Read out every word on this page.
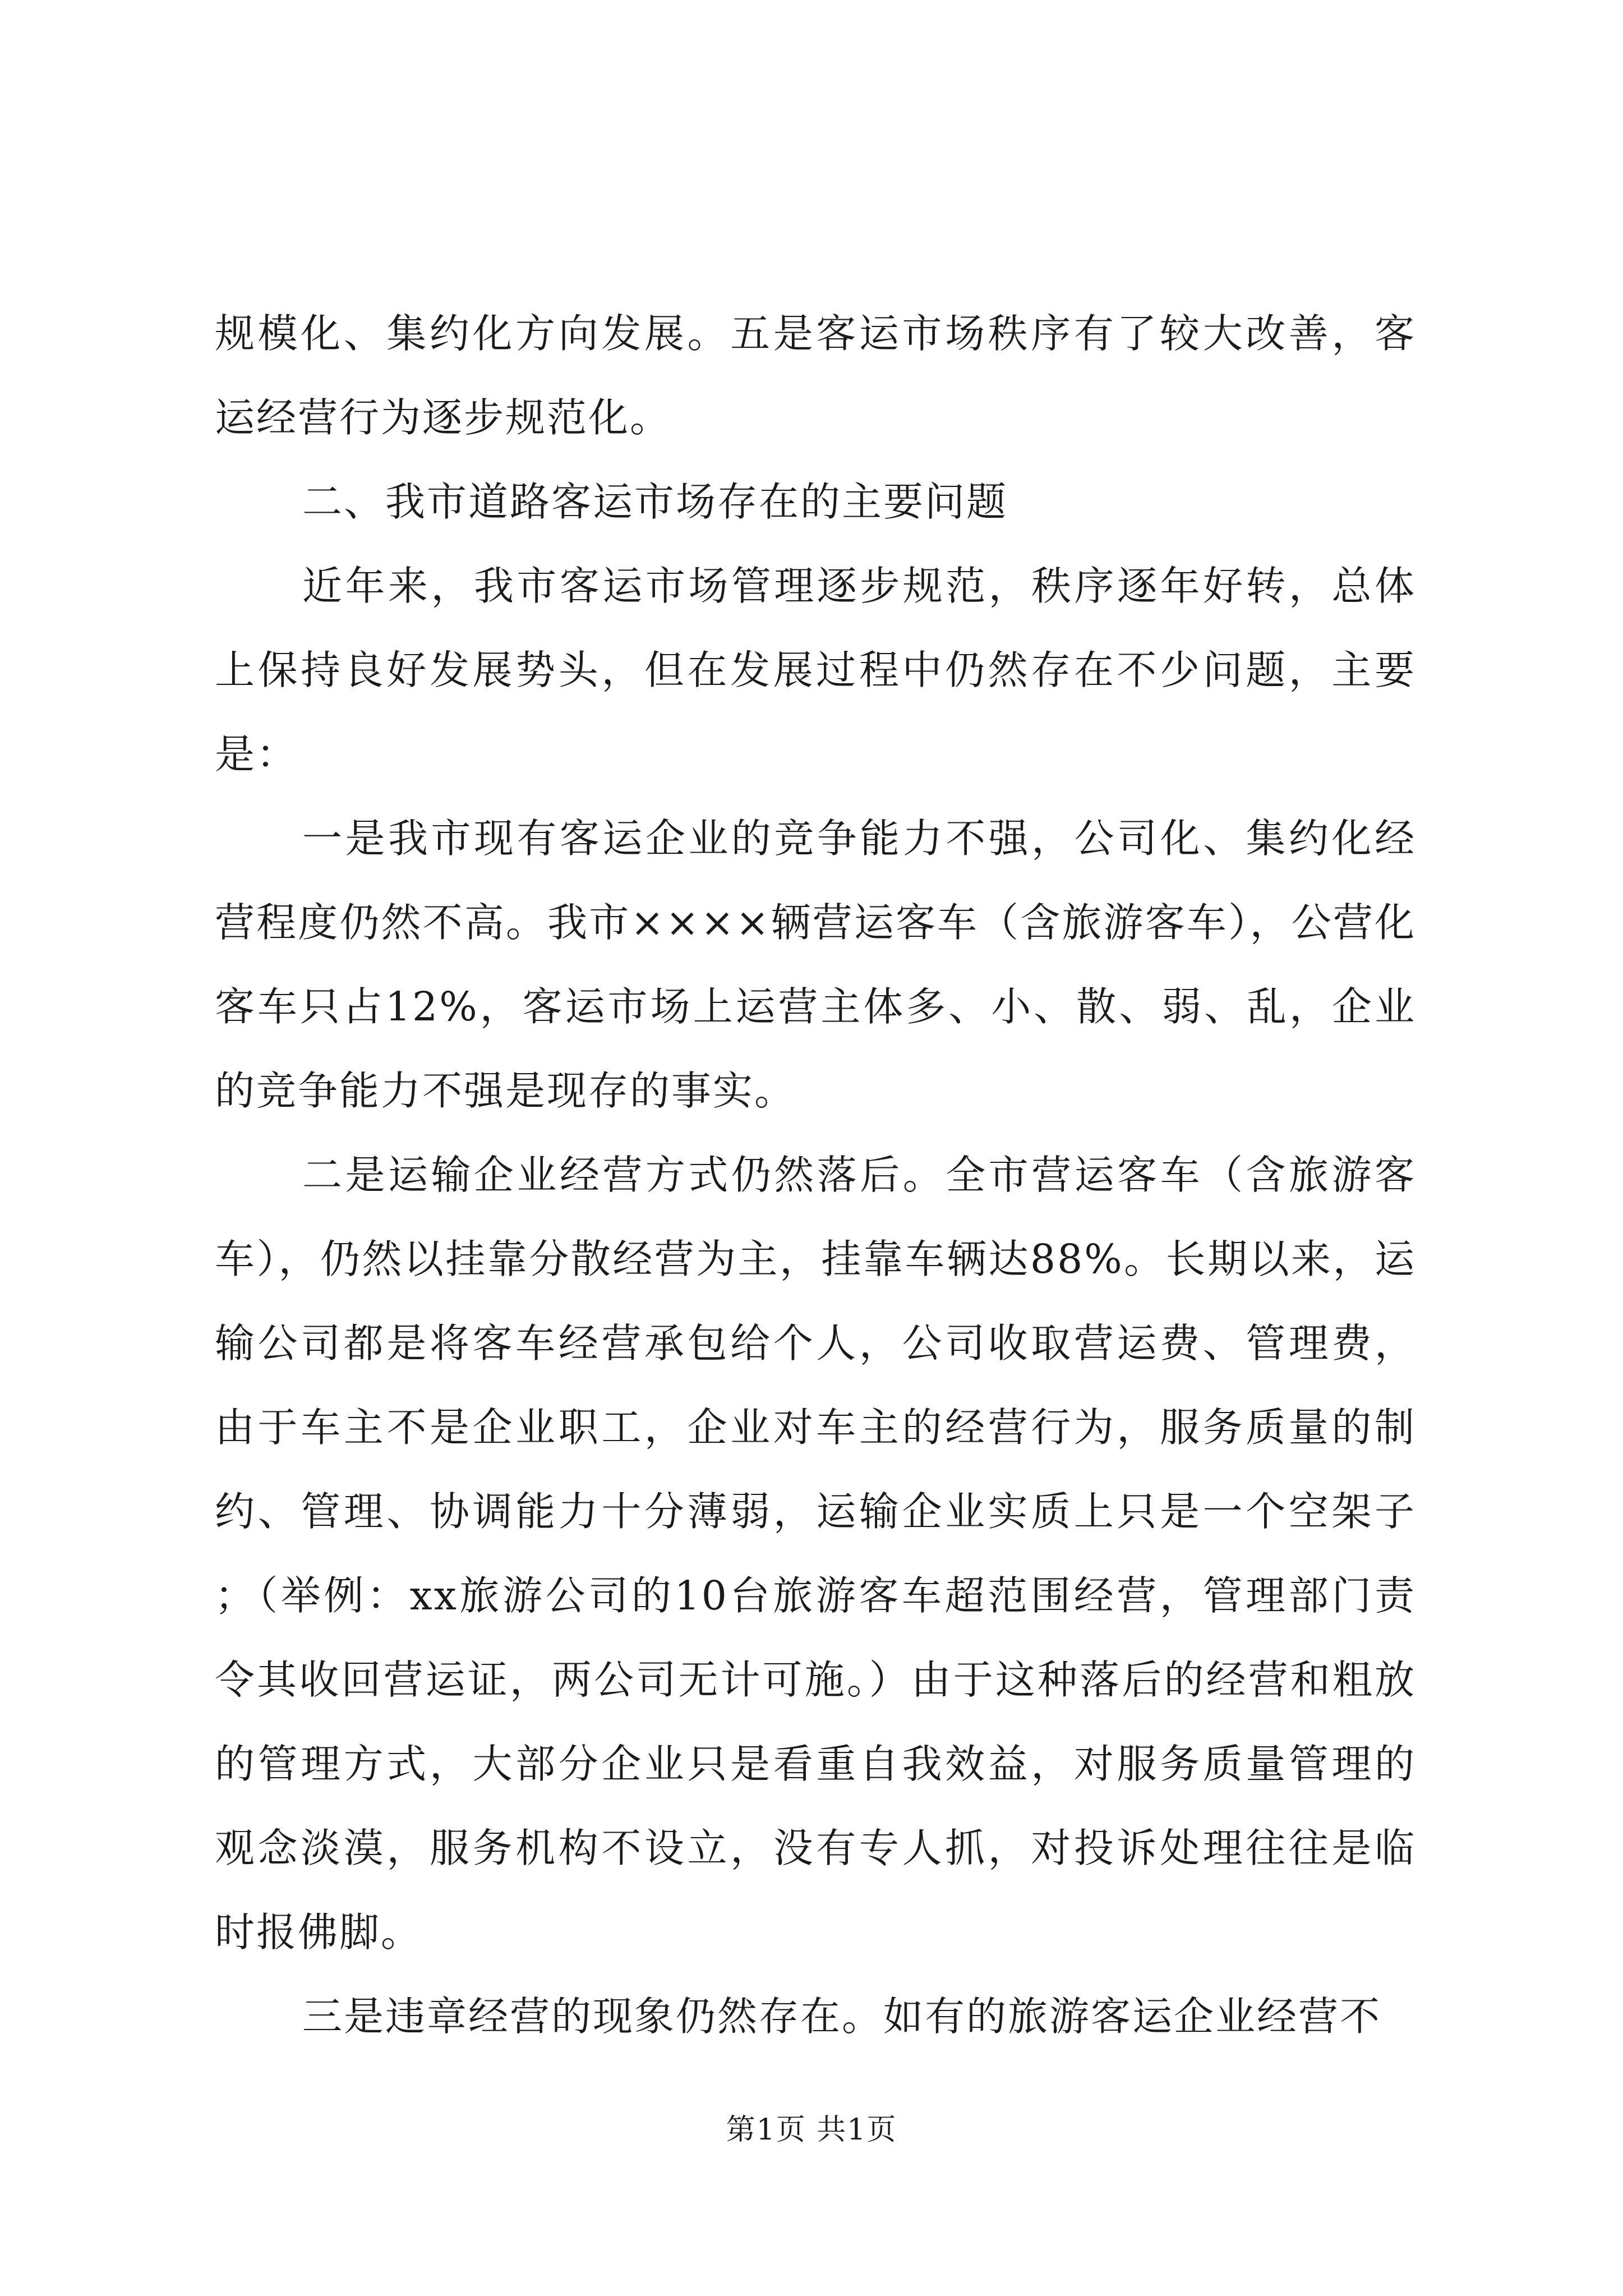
规模化、集约化方向发展。五是客运市场秩序有了较大改善，客运经营行为逐步规范化。

二、我市道路客运市场存在的主要问题

近年来，我市客运市场管理逐步规范，秩序逐年好转，总体上保持良好发展势头，但在发展过程中仍然存在不少问题，主要是：

一是我市现有客运企业的竞争能力不强，公司化、集约化经营程度仍然不高。我市××××辆营运客车（含旅游客车），公营化客车只占12%，客运市场上运营主体多、小、散、弱、乱，企业的竞争能力不强是现存的事实。

二是运输企业经营方式仍然落后。全市营运客车（含旅游客车），仍然以挂靠分散经营为主，挂靠车辆达88%。长期以来，运输公司都是将客车经营承包给个人，公司收取营运费、管理费，由于车主不是企业职工，企业对车主的经营行为，服务质量的制约、管理、协调能力十分薄弱，运输企业实质上只是一个空架子；（举例：xx旅游公司的10台旅游客车超范围经营，管理部门责令其收回营运证，两公司无计可施。）由于这种落后的经营和粗放的管理方式，大部分企业只是看重自我效益，对服务质量管理的观念淡漠，服务机构不设立，没有专人抓，对投诉处理往往是临时报佛脚。

三是违章经营的现象仍然存在。如有的旅游客运企业经营不

第1页 共1页
